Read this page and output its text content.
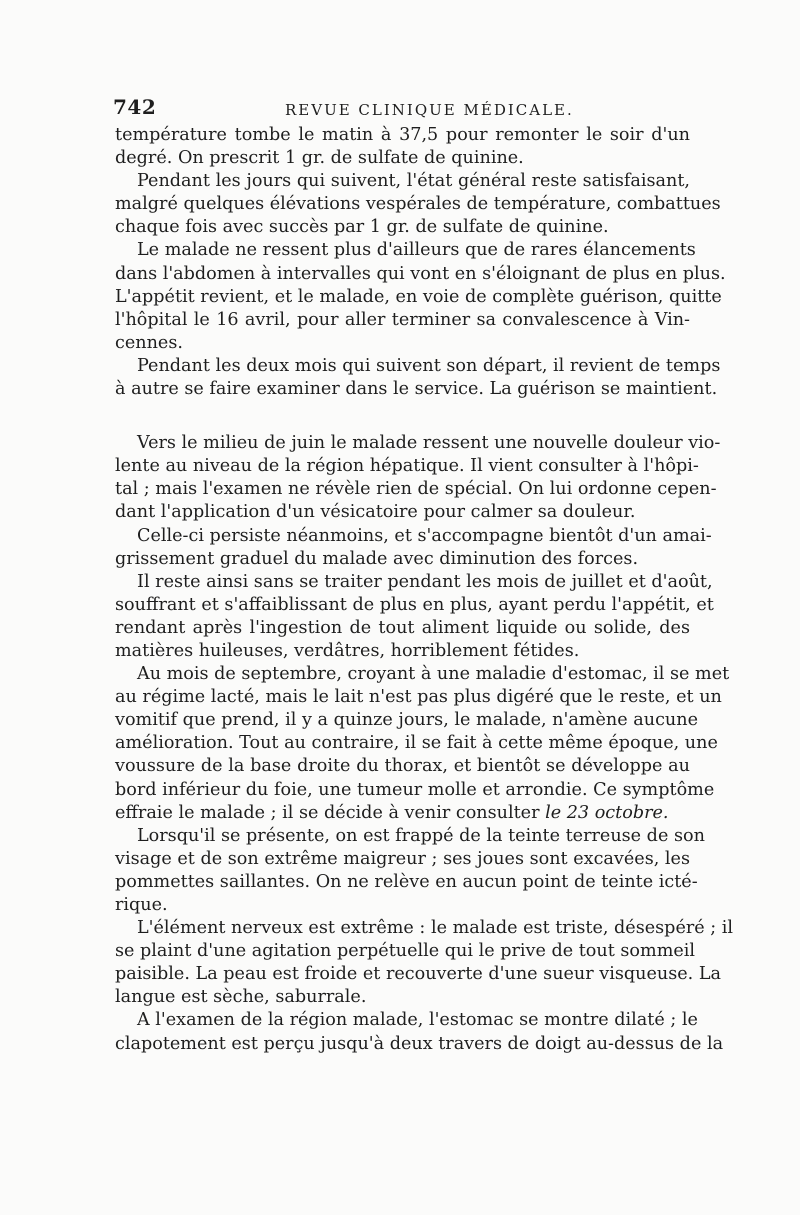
742	REVUE CLINIQUE MÉDICALE.
température tombe le matin à 37,5 pour remonter le soir d'un
degré. On prescrit 1 gr. de sulfate de quinine.
Pendant les jours qui suivent, l'état général reste satisfaisant,
malgré quelques élévations vespérales de température, combattues
chaque fois avec succès par 1 gr. de sulfate de quinine.
Le malade ne ressent plus d'ailleurs que de rares élancements
dans l'abdomen à intervalles qui vont en s'éloignant de plus en plus.
L'appétit revient, et le malade, en voie de complète guérison, quitte
l'hôpital le 16 avril, pour aller terminer sa convalescence à Vin-
cennes.
Pendant les deux mois qui suivent son départ, il revient de temps
à autre se faire examiner dans le service. La guérison se maintient.
Vers le milieu de juin le malade ressent une nouvelle douleur vio-
lente au niveau de la région hépatique. Il vient consulter à l'hôpi-
tal ; mais l'examen ne révèle rien de spécial. On lui ordonne cepen-
dant l'application d'un vésicatoire pour calmer sa douleur.
Celle-ci persiste néanmoins, et s'accompagne bientôt d'un amai-
grissement graduel du malade avec diminution des forces.
Il reste ainsi sans se traiter pendant les mois de juillet et d'août,
souffrant et s'affaiblissant de plus en plus, ayant perdu l'appétit, et
rendant après l'ingestion de tout aliment liquide ou solide, des
matières huileuses, verdâtres, horriblement fétides.
Au mois de septembre, croyant à une maladie d'estomac, il se met
au régime lacté, mais le lait n'est pas plus digéré que le reste, et un
vomitif que prend, il y a quinze jours, le malade, n'amène aucune
amélioration. Tout au contraire, il se fait à cette même époque, une
voussure de la base droite du thorax, et bientôt se développe au
bord inférieur du foie, une tumeur molle et arrondie. Ce symptôme
effraie le malade ; il se décide à venir consulter le 23 octobre.
Lorsqu'il se présente, on est frappé de la teinte terreuse de son
visage et de son extrême maigreur ; ses joues sont excavées, les
pommettes saillantes. On ne relève en aucun point de teinte icté-
rique.
L'élément nerveux est extrême : le malade est triste, désespéré ; il
se plaint d'une agitation perpétuelle qui le prive de tout sommeil
paisible. La peau est froide et recouverte d'une sueur visqueuse. La
langue est sèche, saburrale.
A l'examen de la région malade, l'estomac se montre dilaté ; le
clapotement est perçu jusqu'à deux travers de doigt au-dessus de la
